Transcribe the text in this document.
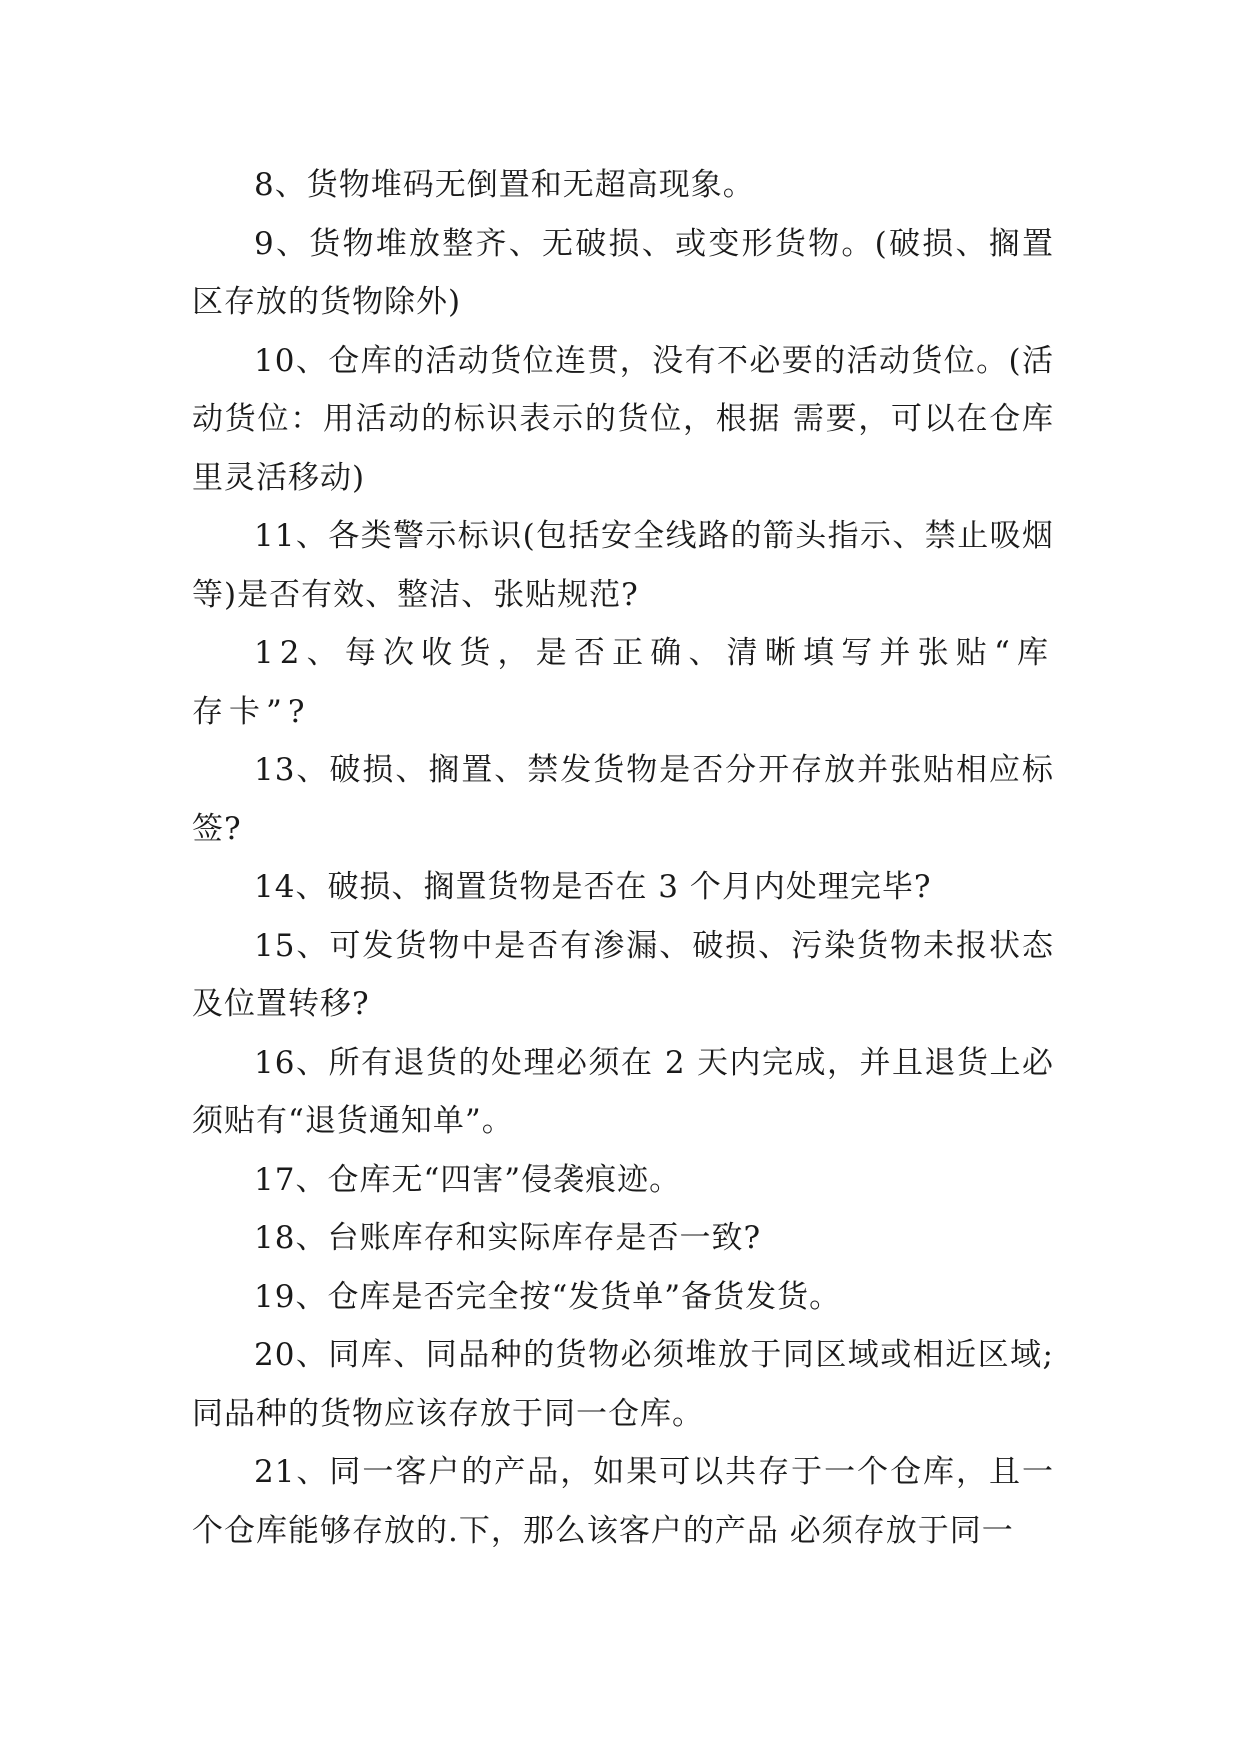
8、货物堆码无倒置和无超高现象。

9、货物堆放整齐、无破损、或变形货物。(破损、搁置区存放的货物除外)

10、仓库的活动货位连贯，没有不必要的活动货位。(活动货位：用活动的标识表示的货位，根据 需要，可以在仓库里灵活移动)

11、各类警示标识(包括安全线路的箭头指示、禁止吸烟等)是否有效、整洁、张贴规范?

12、每次收货，是否正确、清晰填写并张贴“库存卡”?

13、破损、搁置、禁发货物是否分开存放并张贴相应标签?

14、破损、搁置货物是否在 3 个月内处理完毕?

15、可发货物中是否有渗漏、破损、污染货物未报状态及位置转移?

16、所有退货的处理必须在 2 天内完成，并且退货上必须贴有“退货通知单”。

17、仓库无“四害”侵袭痕迹。

18、台账库存和实际库存是否一致?

19、仓库是否完全按“发货单”备货发货。

20、同库、同品种的货物必须堆放于同区域或相近区域;同品种的货物应该存放于同一仓库。

21、同一客户的产品，如果可以共存于一个仓库，且一个仓库能够存放的.下，那么该客户的产品 必须存放于同一
